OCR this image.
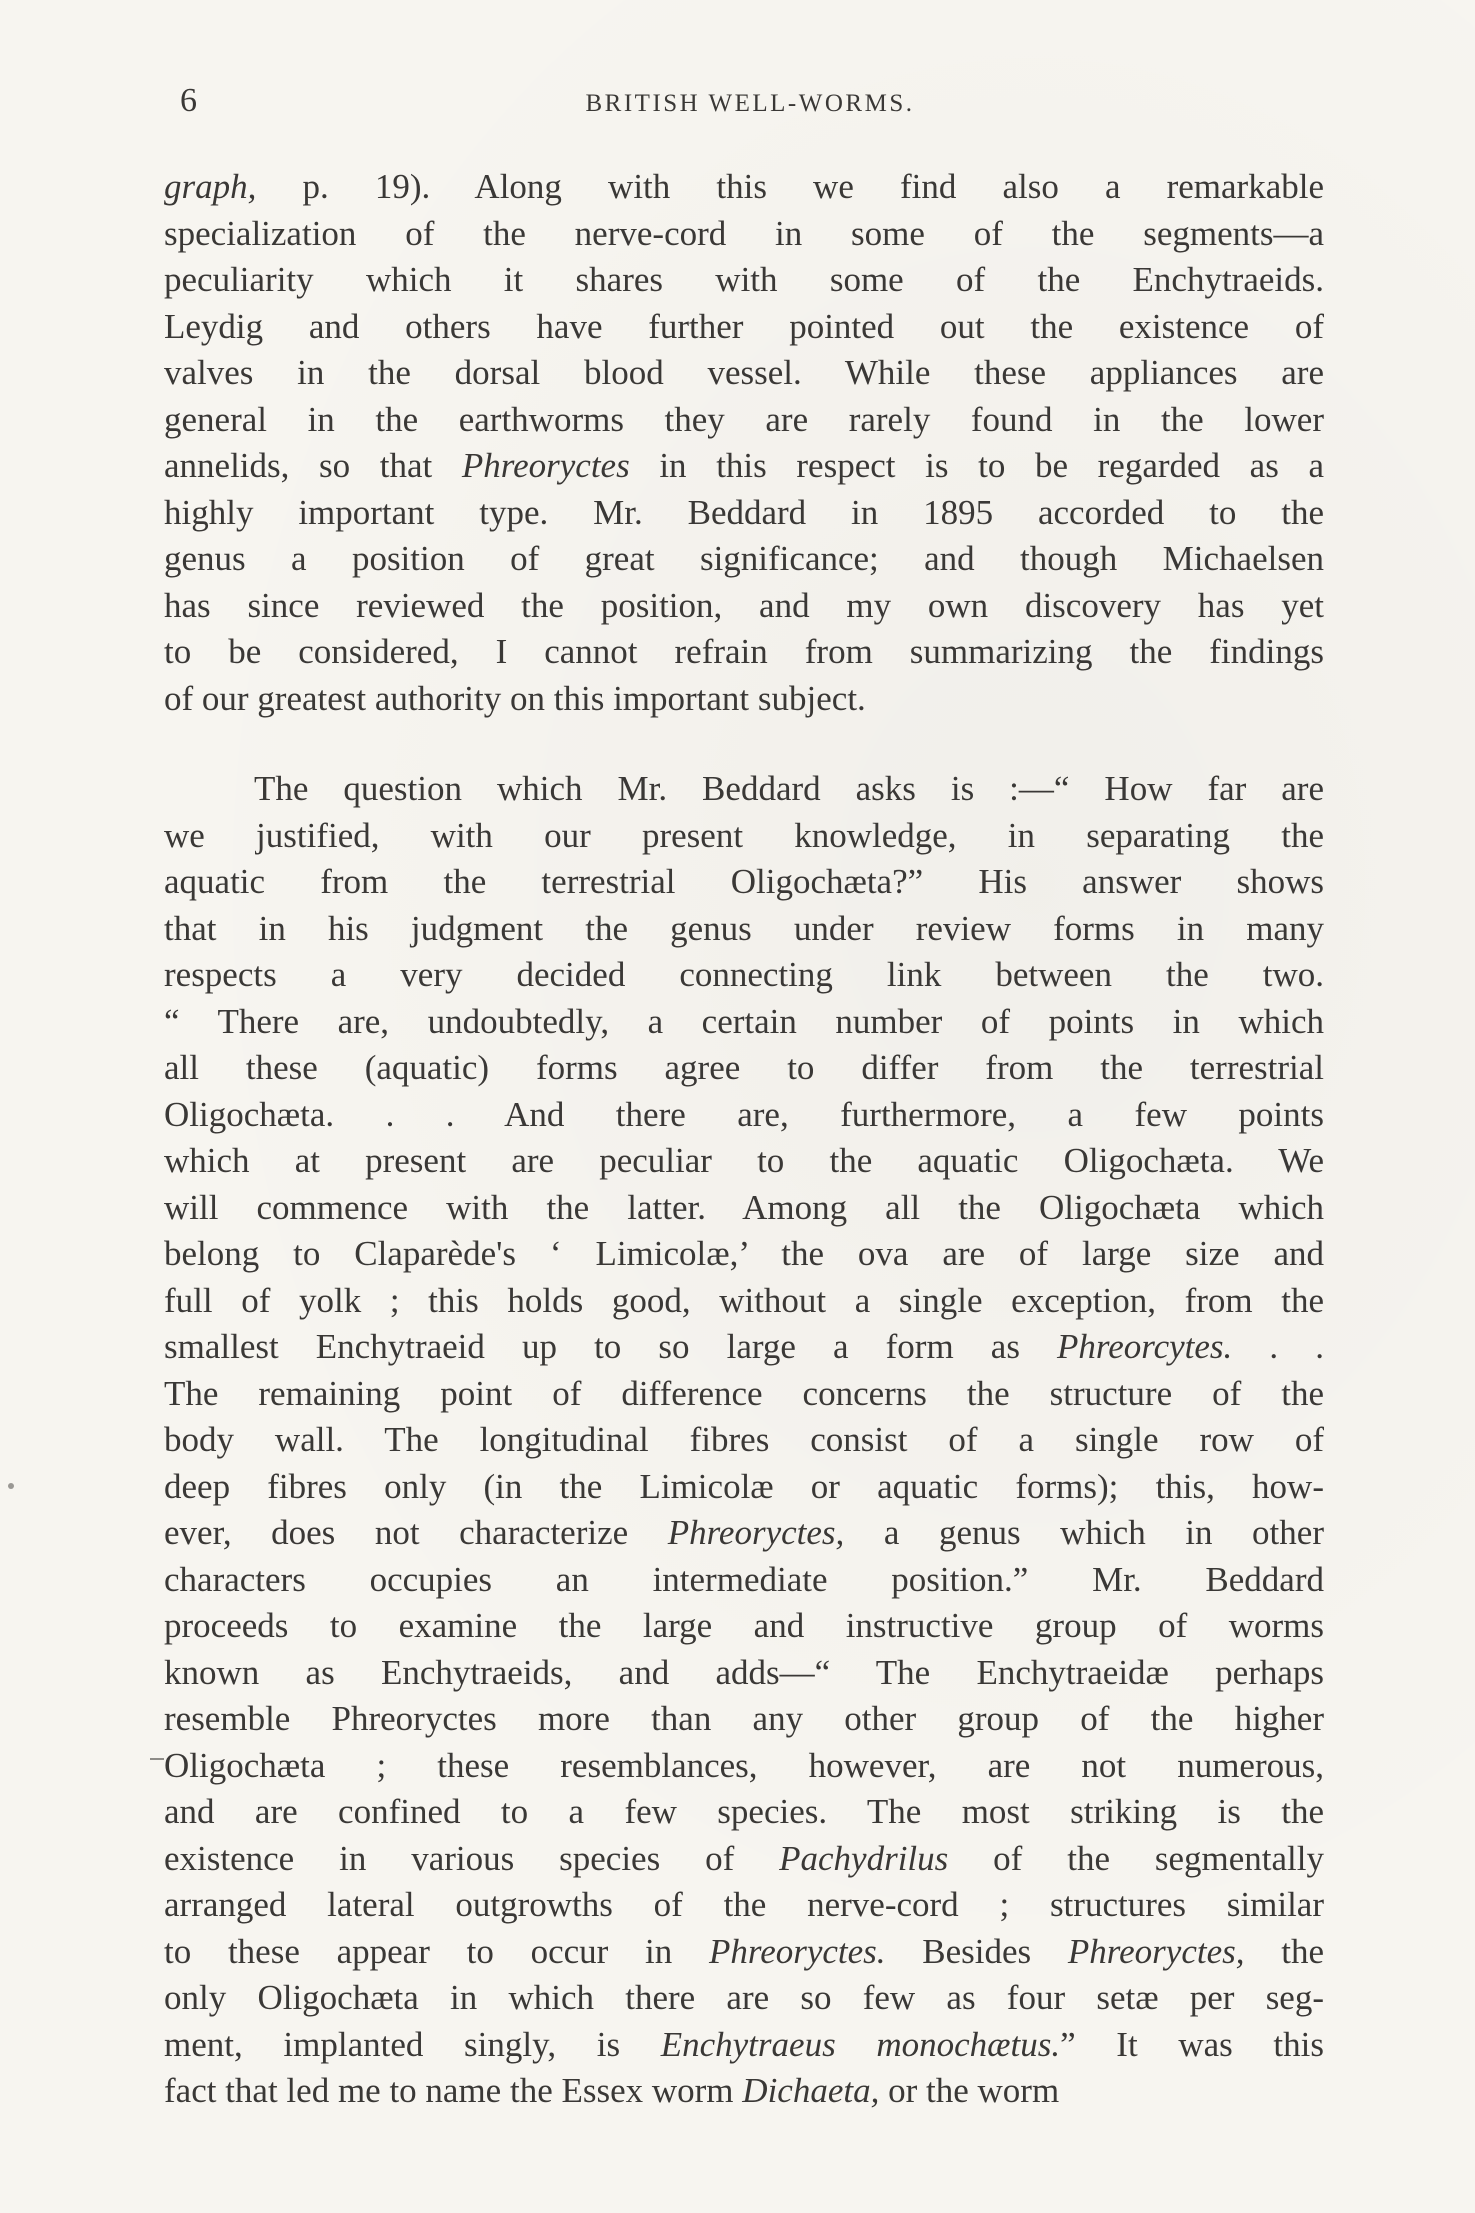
6	BRITISH WELL-WORMS.
graph, p. 19). Along with this we find also a remarkable
specialization of the nerve-cord in some of the segments—a
peculiarity which it shares with some of the Enchytraeids.
Leydig and others have further pointed out the existence of
valves in the dorsal blood vessel. While these appliances are
general in the earthworms they are rarely found in the lower
annelids, so that Phreoryctes in this respect is to be regarded as a
highly important type. Mr. Beddard in 1895 accorded to the
genus a position of great significance; and though Michaelsen
has since reviewed the position, and my own discovery has yet
to be considered, I cannot refrain from summarizing the findings
of our greatest authority on this important subject.
The question which Mr. Beddard asks is :—“ How far are
we justified, with our present knowledge, in separating the
aquatic from the terrestrial Oligochæta?” His answer shows
that in his judgment the genus under review forms in many
respects a very decided connecting link between the two.
“ There are, undoubtedly, a certain number of points in which
all these (aquatic) forms agree to differ from the terrestrial
Oligochæta. . . And there are, furthermore, a few points
which at present are peculiar to the aquatic Oligochæta. We
will commence with the latter. Among all the Oligochæta which
belong to Claparède's ‘ Limicolæ,’ the ova are of large size and
full of yolk ; this holds good, without a single exception, from the
smallest Enchytraeid up to so large a form as Phreorcytes. . .
The remaining point of difference concerns the structure of the
body wall. The longitudinal fibres consist of a single row of
deep fibres only (in the Limicolæ or aquatic forms); this, how-
ever, does not characterize Phreoryctes, a genus which in other
characters occupies an intermediate position.” Mr. Beddard
proceeds to examine the large and instructive group of worms
known as Enchytraeids, and adds—“ The Enchytraeidæ perhaps
resemble Phreoryctes more than any other group of the higher
Oligochæta ; these resemblances, however, are not numerous,
and are confined to a few species. The most striking is the
existence in various species of Pachydrilus of the segmentally
arranged lateral outgrowths of the nerve-cord ; structures similar
to these appear to occur in Phreoryctes. Besides Phreoryctes, the
only Oligochæta in which there are so few as four setæ per seg-
ment, implanted singly, is Enchytraeus monochætus.” It was this
fact that led me to name the Essex worm Dichaeta, or the worm
